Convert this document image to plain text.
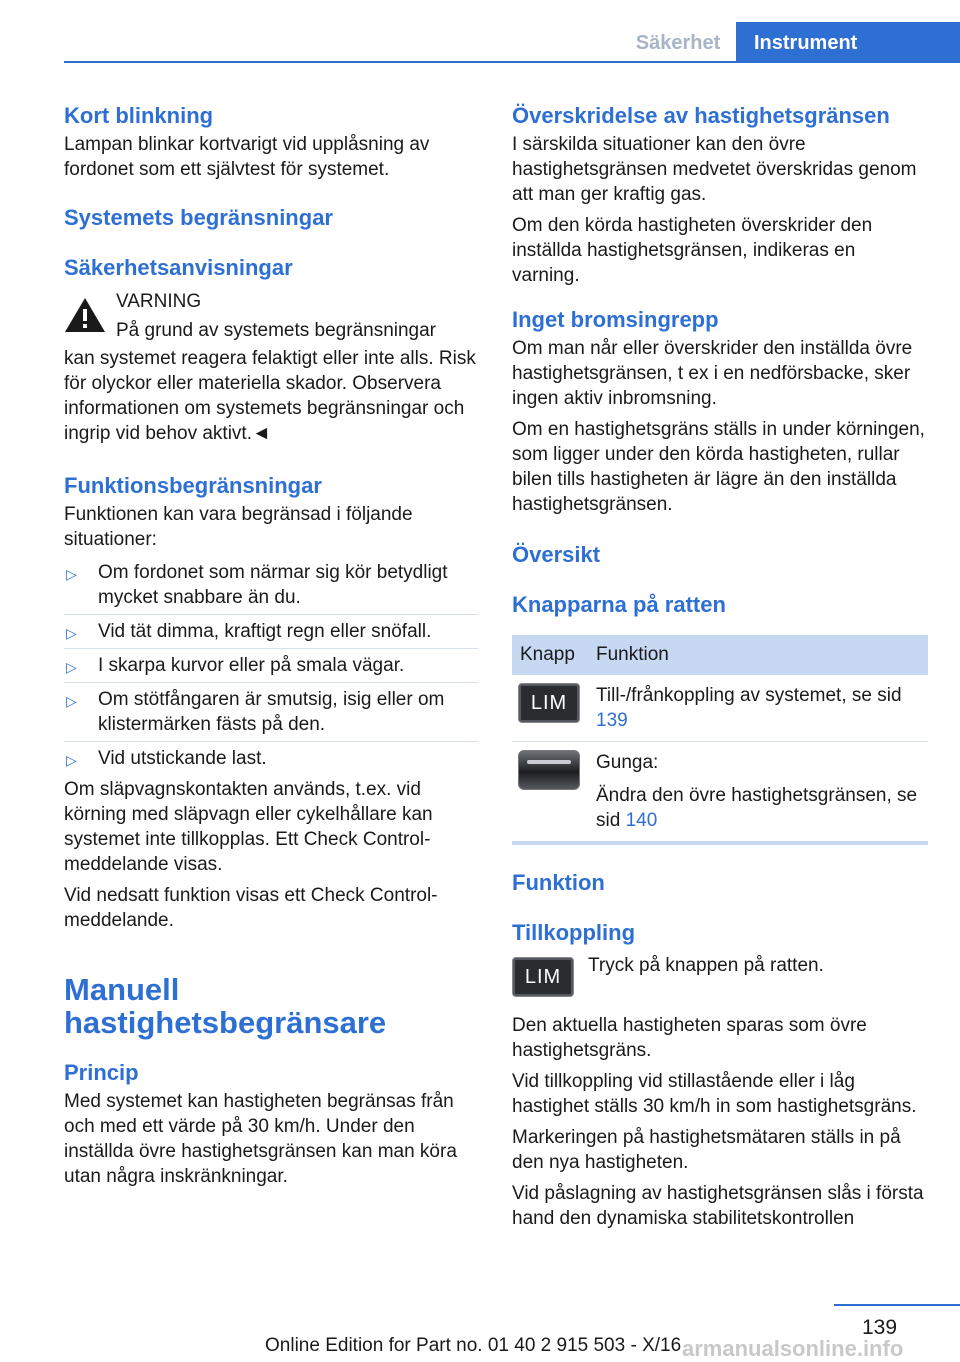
Säkerhet	Instrument
Kort blinkning

Lampan blinkar kortvarigt vid upplåsning av fordonet som ett självtest för systemet.

Systemets begränsningar
Säkerhetsanvisningar

VARNING

På grund av systemets begränsningar

kan systemet reagera felaktigt eller inte alls. Risk för olyckor eller materiella skador. Observera informationen om systemets begränsningar och ingrip vid behov aktivt.◄

Funktionsbegränsningar

Funktionen kan vara begränsad i följande situationer:

▷ Om fordonet som närmar sig kör betydligt mycket snabbare än du.
▷ Vid tät dimma, kraftigt regn eller snöfall.
▷ I skarpa kurvor eller på smala vägar.
▷ Om stötfångaren är smutsig, isig eller om klistermärken fästs på den.
▷ Vid utstickande last.

Om släpvagnskontakten används, t.ex. vid körning med släpvagn eller cykelhållare kan systemet inte tillkopplas. Ett Check Control-meddelande visas.

Vid nedsatt funktion visas ett Check Control-meddelande.

Manuell
hastighetsbegränsare
Princip

Med systemet kan hastigheten begränsas från och med ett värde på 30 km/h. Under den inställda övre hastighetsgränsen kan man köra utan några inskränkningar.

Överskridelse av hastighetsgränsen

I särskilda situationer kan den övre hastighetsgränsen medvetet överskridas genom att man ger kraftig gas.

Om den körda hastigheten överskrider den inställda hastighetsgränsen, indikeras en varning.

Inget bromsingrepp

Om man når eller överskrider den inställda övre hastighetsgränsen, t ex i en nedförsbacke, sker ingen aktiv inbromsning.

Om en hastighetsgräns ställs in under körningen, som ligger under den körda hastigheten, rullar bilen tills hastigheten är lägre än den inställda hastighetsgränsen.

Översikt
Knapparna på ratten
Knapp	Funktion

LIM	Till-/frånkoppling av systemet, se sid 139

	Gunga:

Ändra den övre hastighetsgränsen, se sid 140

Funktion
Tillkoppling
LIM

Tryck på knappen på ratten.

Den aktuella hastigheten sparas som övre hastighetsgräns.

Vid tillkoppling vid stillastående eller i låg hastighet ställs 30 km/h in som hastighetsgräns.

Markeringen på hastighetsmätaren ställs in på den nya hastigheten.

Vid påslagning av hastighetsgränsen slås i första hand den dynamiska stabilitetskontrollen

139
Online Edition for Part no. 01 40 2 915 503 - X/16 armanualsonline.info
